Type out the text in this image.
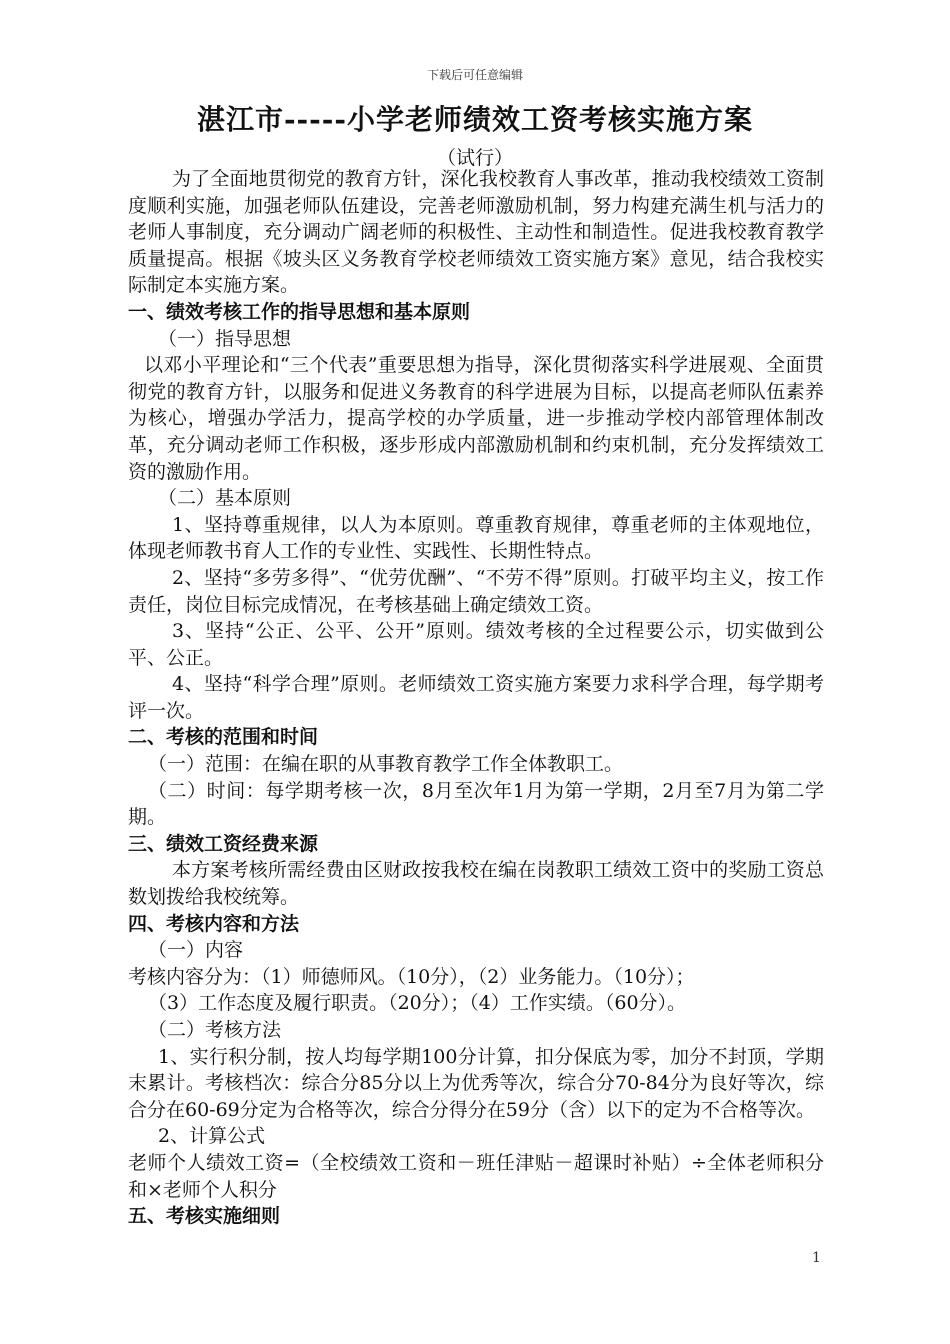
下载后可任意编辑
湛江市-----小学老师绩效工资考核实施方案
（试行）

为了全面地贯彻党的教育方针，深化我校教育人事改革，推动我校绩效工资制度顺利实施，加强老师队伍建设，完善老师激励机制，努力构建充满生机与活力的老师人事制度，充分调动广阔老师的积极性、主动性和制造性。促进我校教育教学质量提高。根据《坡头区义务教育学校老师绩效工资实施方案》意见，结合我校实际制定本实施方案。

一、绩效考核工作的指导思想和基本原则

（一）指导思想

以邓小平理论和“三个代表”重要思想为指导，深化贯彻落实科学进展观、全面贯彻党的教育方针，以服务和促进义务教育的科学进展为目标，以提高老师队伍素养为核心，增强办学活力，提高学校的办学质量，进一步推动学校内部管理体制改革，充分调动老师工作积极，逐步形成内部激励机制和约束机制，充分发挥绩效工资的激励作用。

（二）基本原则

1、坚持尊重规律，以人为本原则。尊重教育规律，尊重老师的主体观地位，体现老师教书育人工作的专业性、实践性、长期性特点。

2、坚持“多劳多得”、“优劳优酬”、“不劳不得”原则。打破平均主义，按工作责任，岗位目标完成情况，在考核基础上确定绩效工资。

3、坚持“公正、公平、公开”原则。绩效考核的全过程要公示，切实做到公平、公正。

4、坚持“科学合理”原则。老师绩效工资实施方案要力求科学合理，每学期考评一次。

二、考核的范围和时间

（一）范围：在编在职的从事教育教学工作全体教职工。

（二）时间：每学期考核一次，8月至次年1月为第一学期，2月至7月为第二学期。

三、绩效工资经费来源

本方案考核所需经费由区财政按我校在编在岗教职工绩效工资中的奖励工资总数划拨给我校统筹。

四、考核内容和方法

（一）内容

考核内容分为：（1）师德师风。（10分），（2）业务能力。（10分）；

（3）工作态度及履行职责。（20分）；（4）工作实绩。（60分）。

（二）考核方法

1、实行积分制，按人均每学期100分计算，扣分保底为零，加分不封顶，学期末累计。考核档次：综合分85分以上为优秀等次，综合分70-84分为良好等次，综合分在60-69分定为合格等次，综合分得分在59分（含）以下的定为不合格等次。

2、计算公式

老师个人绩效工资=（全校绩效工资和－班任津贴－超课时补贴）÷全体老师积分和×老师个人积分

五、考核实施细则

1
